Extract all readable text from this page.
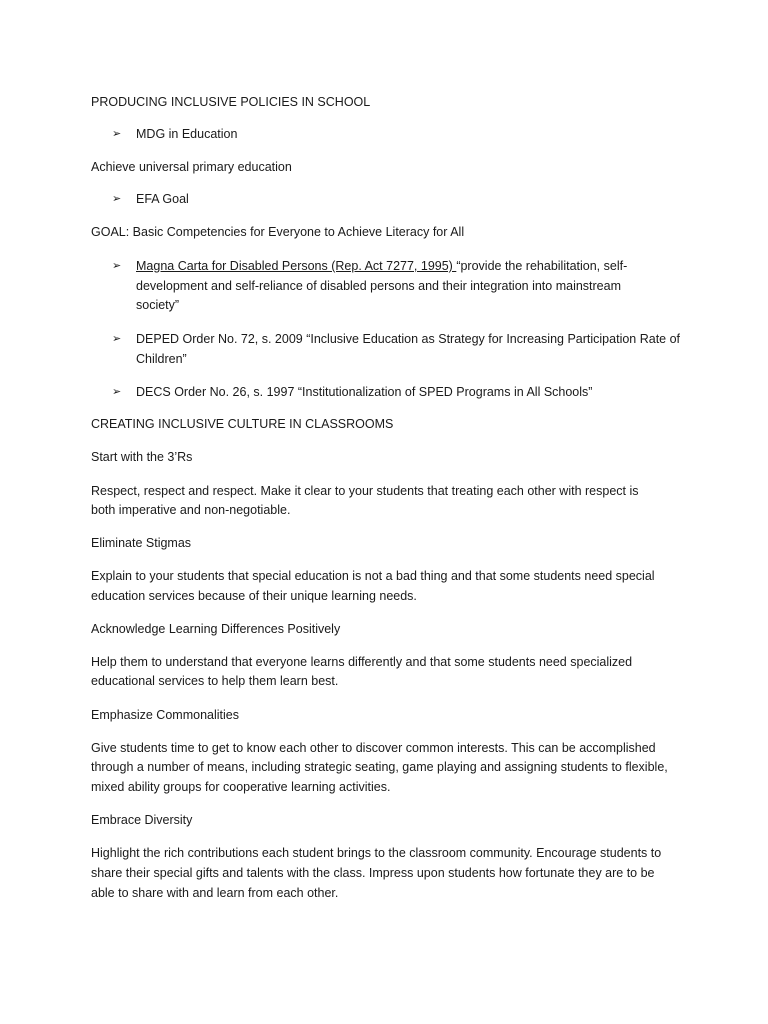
PRODUCING INCLUSIVE POLICIES IN SCHOOL

➢ MDG in Education

Achieve universal primary education

➢ EFA Goal

GOAL: Basic Competencies for Everyone to Achieve Literacy for All

➢ Magna Carta for Disabled Persons (Rep. Act 7277, 1995) “provide the rehabilitation, self-

development and self-reliance of disabled persons and their integration into mainstream

society”

➢ DEPED Order No. 72, s. 2009 “Inclusive Education as Strategy for Increasing Participation Rate of

Children”

➢ DECS Order No. 26, s. 1997 “Institutionalization of SPED Programs in All Schools”

CREATING INCLUSIVE CULTURE IN CLASSROOMS

Start with the 3’Rs

Respect, respect and respect. Make it clear to your students that treating each other with respect is

both imperative and non-negotiable.

Eliminate Stigmas

Explain to your students that special education is not a bad thing and that some students need special

education services because of their unique learning needs.

Acknowledge Learning Differences Positively

Help them to understand that everyone learns differently and that some students need specialized

educational services to help them learn best.

Emphasize Commonalities

Give students time to get to know each other to discover common interests. This can be accomplished

through a number of means, including strategic seating, game playing and assigning students to flexible,

mixed ability groups for cooperative learning activities.

Embrace Diversity

Highlight the rich contributions each student brings to the classroom community. Encourage students to

share their special gifts and talents with the class. Impress upon students how fortunate they are to be

able to share with and learn from each other.
